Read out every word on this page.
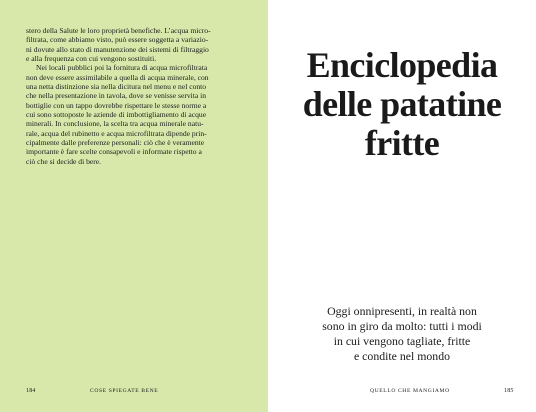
stero della Salute le loro proprietà benefiche. L’acqua micro-
filtrata, come abbiamo visto, può essere soggetta a variazio-
ni dovute allo stato di manutenzione dei sistemi di filtraggio
e alla frequenza con cui vengono sostituiti.

Nei locali pubblici poi la fornitura di acqua microfiltrata
non deve essere assimilabile a quella di acqua minerale, con
una netta distinzione sia nella dicitura nel menu e nel conto
che nella presentazione in tavola, dove se venisse servita in
bottiglie con un tappo dovrebbe rispettare le stesse norme a
cui sono sottoposte le aziende di imbottigliamento di acque
minerali. In conclusione, la scelta tra acqua minerale natu-
rale, acqua del rubinetto e acqua microfiltrata dipende prin-
cipalmente dalle preferenze personali: ciò che è veramente
importante è fare scelte consapevoli e informate rispetto a
ciò che si decide di bere.

184	COSE SPIEGATE BENE
Enciclopedia
delle patatine
fritte
Oggi onnipresenti, in realtà non
sono in giro da molto: tutti i modi
in cui vengono tagliate, fritte
e condite nel mondo
QUELLO CHE MANGIAMO	185
